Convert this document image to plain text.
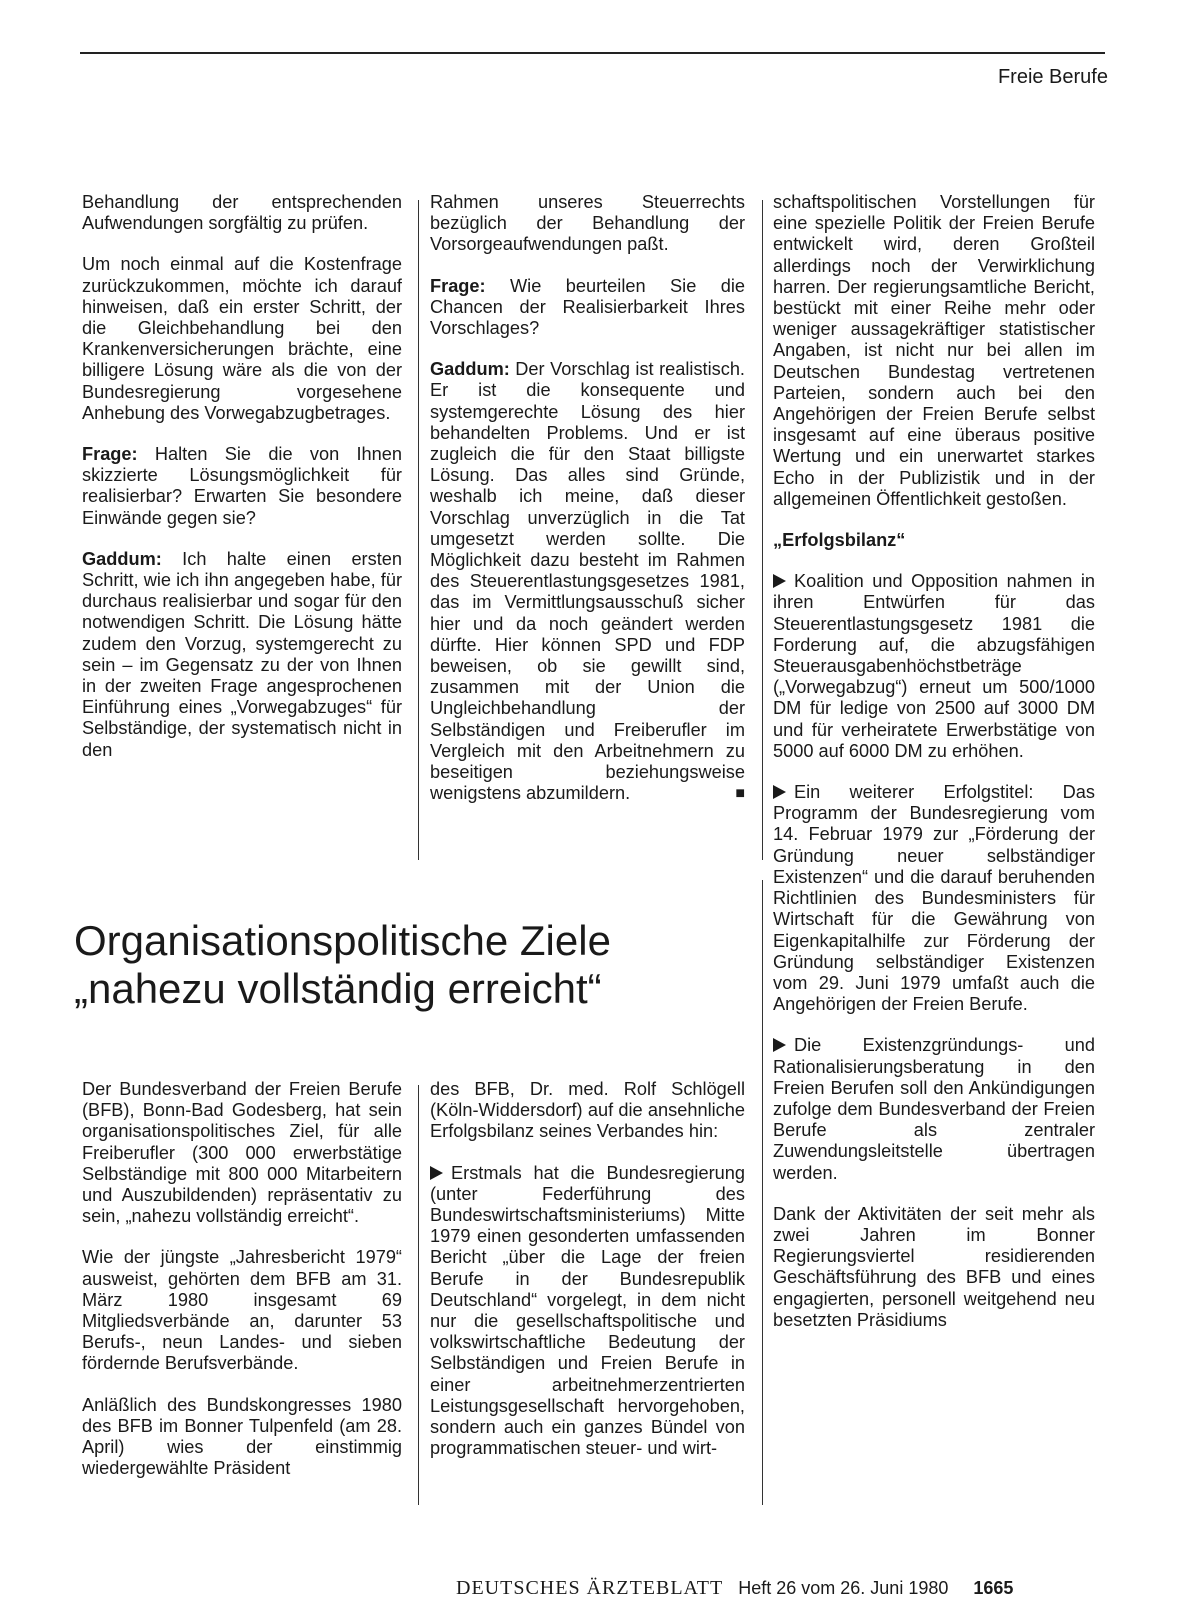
Freie Berufe

Behandlung der entsprechenden Aufwendungen sorgfältig zu prüfen.

Um noch einmal auf die Kostenfrage zurückzukommen, möchte ich darauf hinweisen, daß ein erster Schritt, der die Gleichbehandlung bei den Krankenversicherungen brächte, eine billigere Lösung wäre als die von der Bundesregierung vorgesehene Anhebung des Vorwegabzugbetrages.

Frage: Halten Sie die von Ihnen skizzierte Lösungsmöglichkeit für realisierbar? Erwarten Sie besondere Einwände gegen sie?

Gaddum: Ich halte einen ersten Schritt, wie ich ihn angegeben habe, für durchaus realisierbar und sogar für den notwendigen Schritt. Die Lösung hätte zudem den Vorzug, systemgerecht zu sein – im Gegensatz zu der von Ihnen in der zweiten Frage angesprochenen Einführung eines „Vorwegabzuges“ für Selbständige, der systematisch nicht in den

Rahmen unseres Steuerrechts bezüglich der Behandlung der Vorsorgeaufwendungen paßt.

Frage: Wie beurteilen Sie die Chancen der Realisierbarkeit Ihres Vorschlages?

Gaddum: Der Vorschlag ist realistisch. Er ist die konsequente und systemgerechte Lösung des hier behandelten Problems. Und er ist zugleich die für den Staat billigste Lösung. Das alles sind Gründe, weshalb ich meine, daß dieser Vorschlag unverzüglich in die Tat umgesetzt werden sollte. Die Möglichkeit dazu besteht im Rahmen des Steuerentlastungsgesetzes 1981, das im Vermittlungsausschuß sicher hier und da noch geändert werden dürfte. Hier können SPD und FDP beweisen, ob sie gewillt sind, zusammen mit der Union die Ungleichbehandlung der Selbständigen und Freiberufler im Vergleich mit den Arbeitnehmern zu beseitigen beziehungsweise wenigstens abzumildern.	■

schaftspolitischen Vorstellungen für eine spezielle Politik der Freien Berufe entwickelt wird, deren Großteil allerdings noch der Verwirklichung harren. Der regierungsamtliche Bericht, bestückt mit einer Reihe mehr oder weniger aussagekräftiger statistischer Angaben, ist nicht nur bei allen im Deutschen Bundestag vertretenen Parteien, sondern auch bei den Angehörigen der Freien Berufe selbst insgesamt auf eine überaus positive Wertung und ein unerwartet starkes Echo in der Publizistik und in der allgemeinen Öffentlichkeit gestoßen.

„Erfolgsbilanz“

Koalition und Opposition nahmen in ihren Entwürfen für das Steuerentlastungsgesetz 1981 die Forderung auf, die abzugsfähigen Steuerausgabenhöchstbeträge („Vorwegabzug“) erneut um 500/1000 DM für ledige von 2500 auf 3000 DM und für verheiratete Erwerbstätige von 5000 auf 6000 DM zu erhöhen.

Ein weiterer Erfolgstitel: Das Programm der Bundesregierung vom 14. Februar 1979 zur „Förderung der Gründung neuer selbständiger Existenzen“ und die darauf beruhenden Richtlinien des Bundesministers für Wirtschaft für die Gewährung von Eigenkapitalhilfe zur Förderung der Gründung selbständiger Existenzen vom 29. Juni 1979 umfaßt auch die Angehörigen der Freien Berufe.

Die Existenzgründungs- und Rationalisierungsberatung in den Freien Berufen soll den Ankündigungen zufolge dem Bundesverband der Freien Berufe als zentraler Zuwendungsleitstelle übertragen werden.

Dank der Aktivitäten der seit mehr als zwei Jahren im Bonner Regierungsviertel residierenden Geschäftsführung des BFB und eines engagierten, personell weitgehend neu besetzten Präsidiums

Organisationspolitische Ziele
„nahezu vollständig erreicht“

Der Bundesverband der Freien Berufe (BFB), Bonn-Bad Godesberg, hat sein organisationspolitisches Ziel, für alle Freiberufler (300 000 erwerbstätige Selbständige mit 800 000 Mitarbeitern und Auszubildenden) repräsentativ zu sein, „nahezu vollständig erreicht“.

Wie der jüngste „Jahresbericht 1979“ ausweist, gehörten dem BFB am 31. März 1980 insgesamt 69 Mitgliedsverbände an, darunter 53 Berufs-, neun Landes- und sieben fördernde Berufsverbände.

Anläßlich des Bundskongresses 1980 des BFB im Bonner Tulpenfeld (am 28. April) wies der einstimmig wiedergewählte Präsident

des BFB, Dr. med. Rolf Schlögell (Köln-Widdersdorf) auf die ansehnliche Erfolgsbilanz seines Verbandes hin:

Erstmals hat die Bundesregierung (unter Federführung des Bundeswirtschaftsministeriums) Mitte 1979 einen gesonderten umfassenden Bericht „über die Lage der freien Berufe in der Bundesrepublik Deutschland“ vorgelegt, in dem nicht nur die gesellschaftspolitische und volkswirtschaftliche Bedeutung der Selbständigen und Freien Berufe in einer arbeitnehmerzentrierten Leistungsgesellschaft hervorgehoben, sondern auch ein ganzes Bündel von programmatischen steuer- und wirt-

DEUTSCHES ÄRZTEBLATT Heft 26 vom 26. Juni 1980 1665
